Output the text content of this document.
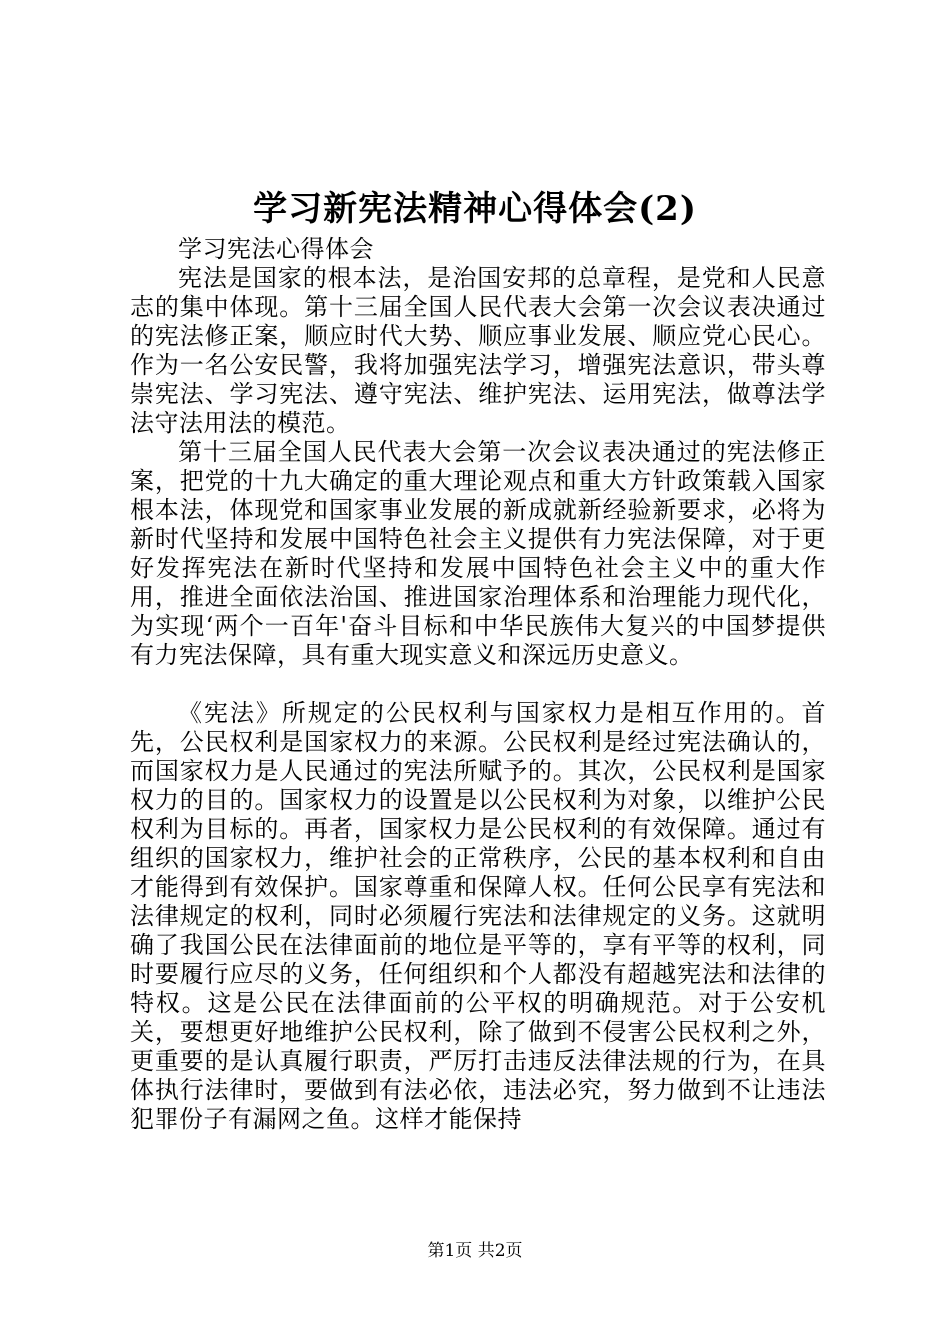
学习新宪法精神心得体会(2)

学习宪法心得体会

宪法是国家的根本法，是治国安邦的总章程，是党和人民意志的集中体现。第十三届全国人民代表大会第一次会议表决通过的宪法修正案，顺应时代大势、顺应事业发展、顺应党心民心。作为一名公安民警，我将加强宪法学习，增强宪法意识，带头尊崇宪法、学习宪法、遵守宪法、维护宪法、运用宪法，做尊法学法守法用法的模范。

第十三届全国人民代表大会第一次会议表决通过的宪法修正案，把党的十九大确定的重大理论观点和重大方针政策载入国家根本法，体现党和国家事业发展的新成就新经验新要求，必将为新时代坚持和发展中国特色社会主义提供有力宪法保障，对于更好发挥宪法在新时代坚持和发展中国特色社会主义中的重大作用，推进全面依法治国、推进国家治理体系和治理能力现代化，为实现‘两个一百年'奋斗目标和中华民族伟大复兴的中国梦提供有力宪法保障，具有重大现实意义和深远历史意义。

《宪法》所规定的公民权利与国家权力是相互作用的。首先，公民权利是国家权力的来源。公民权利是经过宪法确认的，而国家权力是人民通过的宪法所赋予的。其次，公民权利是国家权力的目的。国家权力的设置是以公民权利为对象，以维护公民权利为目标的。再者，国家权力是公民权利的有效保障。通过有组织的国家权力，维护社会的正常秩序，公民的基本权利和自由才能得到有效保护。国家尊重和保障人权。任何公民享有宪法和法律规定的权利，同时必须履行宪法和法律规定的义务。这就明确了我国公民在法律面前的地位是平等的，享有平等的权利，同时要履行应尽的义务，任何组织和个人都没有超越宪法和法律的特权。这是公民在法律面前的公平权的明确规范。对于公安机关，要想更好地维护公民权利，除了做到不侵害公民权利之外，更重要的是认真履行职责，严厉打击违反法律法规的行为，在具体执行法律时，要做到有法必依，违法必究，努力做到不让违法犯罪份子有漏网之鱼。这样才能保持

第1页 共2页
